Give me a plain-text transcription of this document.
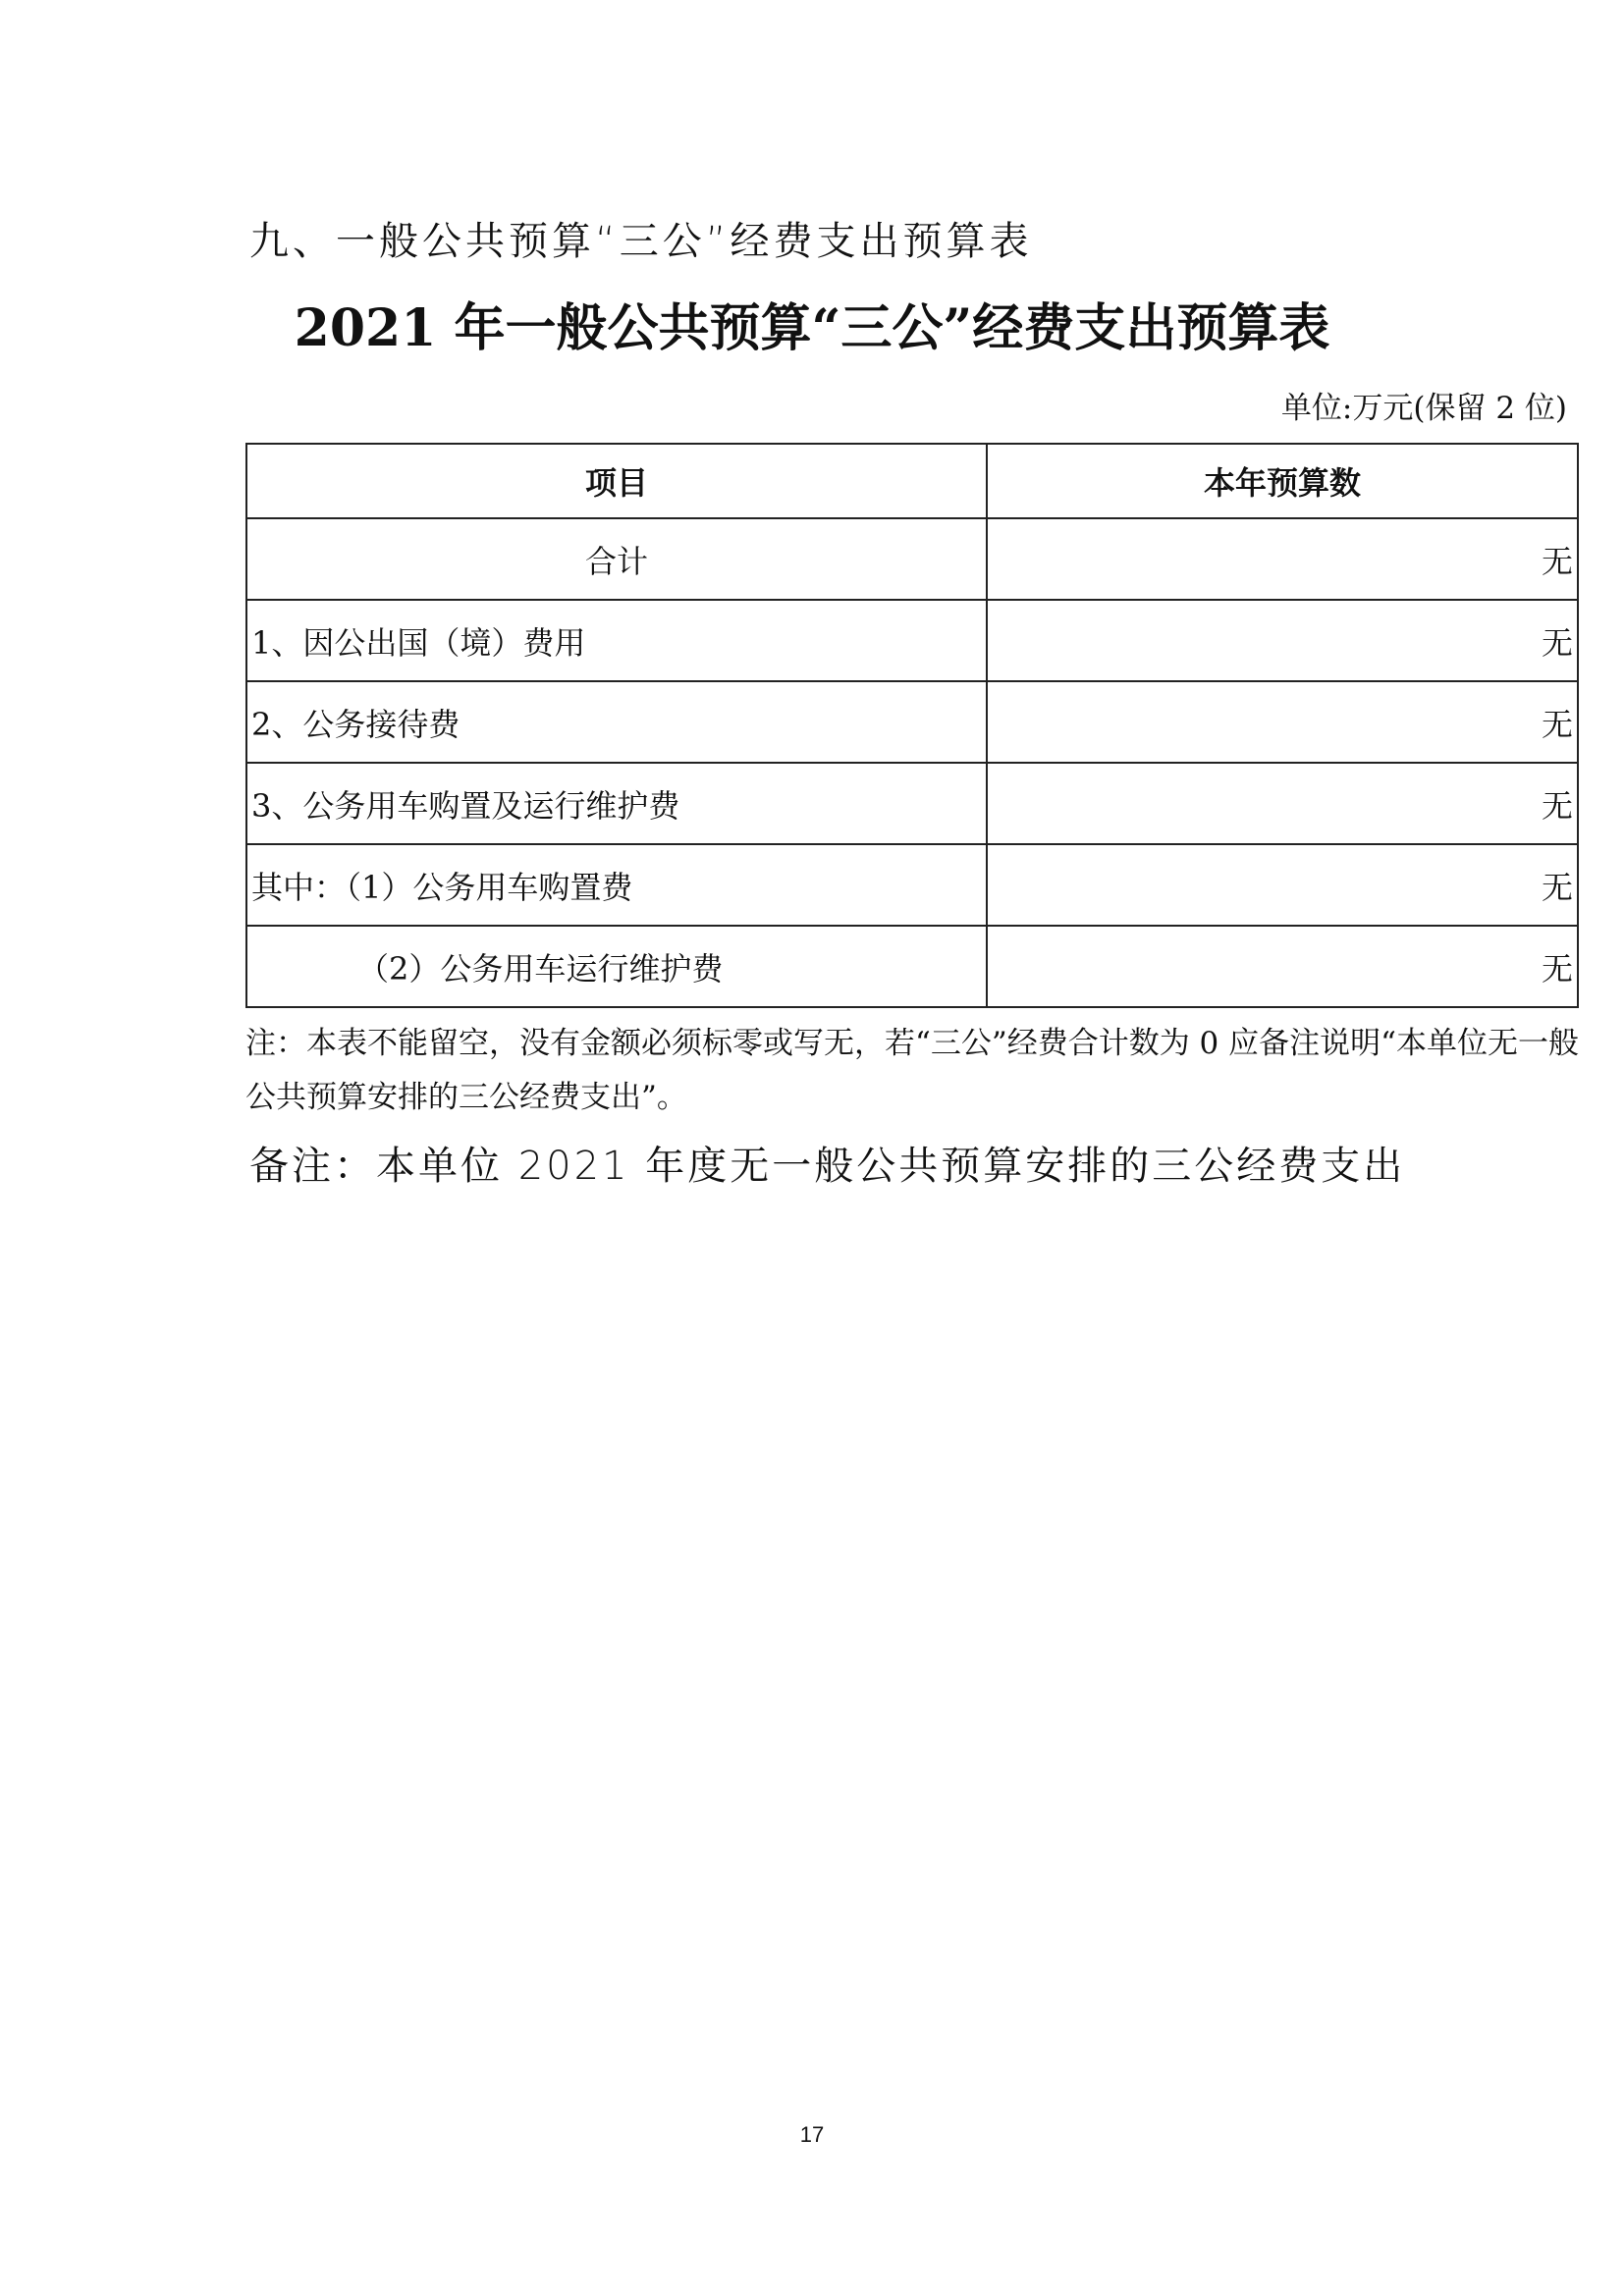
九、一般公共预算“三公”经费支出预算表
2021 年一般公共预算“三公”经费支出预算表
单位:万元(保留 2 位)
项目	本年预算数
合计	无
1、因公出国（境）费用	无
2、公务接待费	无
3、公务用车购置及运行维护费	无
其中：（1）公务用车购置费	无
（2）公务用车运行维护费	无
注：本表不能留空，没有金额必须标零或写无，若“三公”经费合计数为 0 应备注说明“本单位无一般公共预算安排的三公经费支出”。
备注：本单位 2021 年度无一般公共预算安排的三公经费支出
17
